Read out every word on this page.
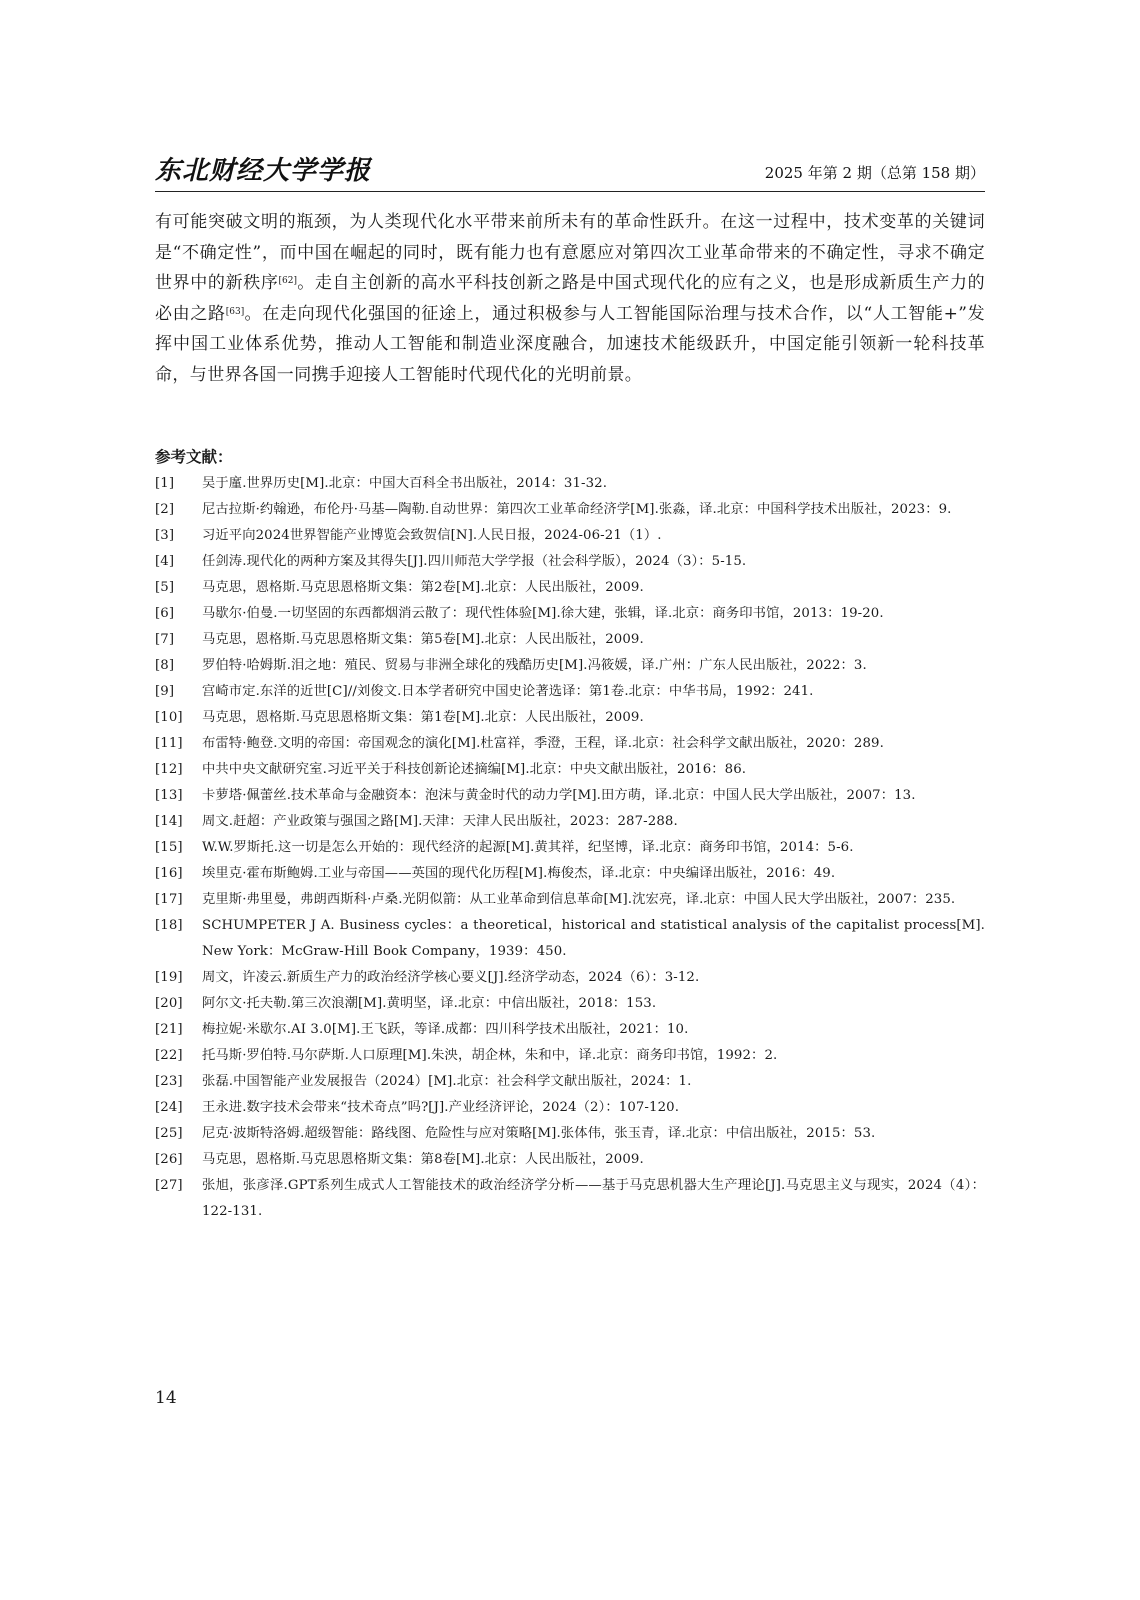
东北财经大学学报	2025 年第 2 期（总第 158 期）
有可能突破文明的瓶颈，为人类现代化水平带来前所未有的革命性跃升。在这一过程中，技术变革的关键词是“不确定性”，而中国在崛起的同时，既有能力也有意愿应对第四次工业革命带来的不确定性，寻求不确定世界中的新秩序[62]。走自主创新的高水平科技创新之路是中国式现代化的应有之义，也是形成新质生产力的必由之路[63]。在走向现代化强国的征途上，通过积极参与人工智能国际治理与技术合作，以“人工智能+”发挥中国工业体系优势，推动人工智能和制造业深度融合，加速技术能级跃升，中国定能引领新一轮科技革命，与世界各国一同携手迎接人工智能时代现代化的光明前景。
参考文献：
[1]	吴于廑.世界历史[M].北京：中国大百科全书出版社，2014：31-32.
[2]	尼古拉斯·约翰逊，布伦丹·马基—陶勒.自动世界：第四次工业革命经济学[M].张淼，译.北京：中国科学技术出版社，2023：9.
[3]	习近平向2024世界智能产业博览会致贺信[N].人民日报，2024-06-21（1）.
[4]	任剑涛.现代化的两种方案及其得失[J].四川师范大学学报（社会科学版），2024（3）：5-15.
[5]	马克思，恩格斯.马克思恩格斯文集：第2卷[M].北京：人民出版社，2009.
[6]	马歇尔·伯曼.一切坚固的东西都烟消云散了：现代性体验[M].徐大建，张辑，译.北京：商务印书馆，2013：19-20.
[7]	马克思，恩格斯.马克思恩格斯文集：第5卷[M].北京：人民出版社，2009.
[8]	罗伯特·哈姆斯.泪之地：殖民、贸易与非洲全球化的残酷历史[M].冯筱媛，译.广州：广东人民出版社，2022：3.
[9]	宫崎市定.东洋的近世[C]//刘俊文.日本学者研究中国史论著选译：第1卷.北京：中华书局，1992：241.
[10]	马克思，恩格斯.马克思恩格斯文集：第1卷[M].北京：人民出版社，2009.
[11]	布雷特·鲍登.文明的帝国：帝国观念的演化[M].杜富祥，季澄，王程，译.北京：社会科学文献出版社，2020：289.
[12]	中共中央文献研究室.习近平关于科技创新论述摘编[M].北京：中央文献出版社，2016：86.
[13]	卡萝塔·佩蕾丝.技术革命与金融资本：泡沫与黄金时代的动力学[M].田方萌，译.北京：中国人民大学出版社，2007：13.
[14]	周文.赶超：产业政策与强国之路[M].天津：天津人民出版社，2023：287-288.
[15]	W.W.罗斯托.这一切是怎么开始的：现代经济的起源[M].黄其祥，纪坚博，译.北京：商务印书馆，2014：5-6.
[16]	埃里克·霍布斯鲍姆.工业与帝国——英国的现代化历程[M].梅俊杰，译.北京：中央编译出版社，2016：49.
[17]	克里斯·弗里曼，弗朗西斯科·卢桑.光阴似箭：从工业革命到信息革命[M].沈宏亮，译.北京：中国人民大学出版社，2007：235.
[18]	SCHUMPETER J A. Business cycles：a theoretical，historical and statistical analysis of the capitalist process[M]. New York：McGraw-Hill Book Company，1939：450.
[19]	周文，许凌云.新质生产力的政治经济学核心要义[J].经济学动态，2024（6）：3-12.
[20]	阿尔文·托夫勒.第三次浪潮[M].黄明坚，译.北京：中信出版社，2018：153.
[21]	梅拉妮·米歇尔.AI 3.0[M].王飞跃，等译.成都：四川科学技术出版社，2021：10.
[22]	托马斯·罗伯特.马尔萨斯.人口原理[M].朱泱，胡企林，朱和中，译.北京：商务印书馆，1992：2.
[23]	张磊.中国智能产业发展报告（2024）[M].北京：社会科学文献出版社，2024：1.
[24]	王永进.数字技术会带来“技术奇点”吗?[J].产业经济评论，2024（2）：107-120.
[25]	尼克·波斯特洛姆.超级智能：路线图、危险性与应对策略[M].张体伟，张玉青，译.北京：中信出版社，2015：53.
[26]	马克思，恩格斯.马克思恩格斯文集：第8卷[M].北京：人民出版社，2009.
[27]	张旭，张彦泽.GPT系列生成式人工智能技术的政治经济学分析——基于马克思机器大生产理论[J].马克思主义与现实，2024（4）：122-131.
14
